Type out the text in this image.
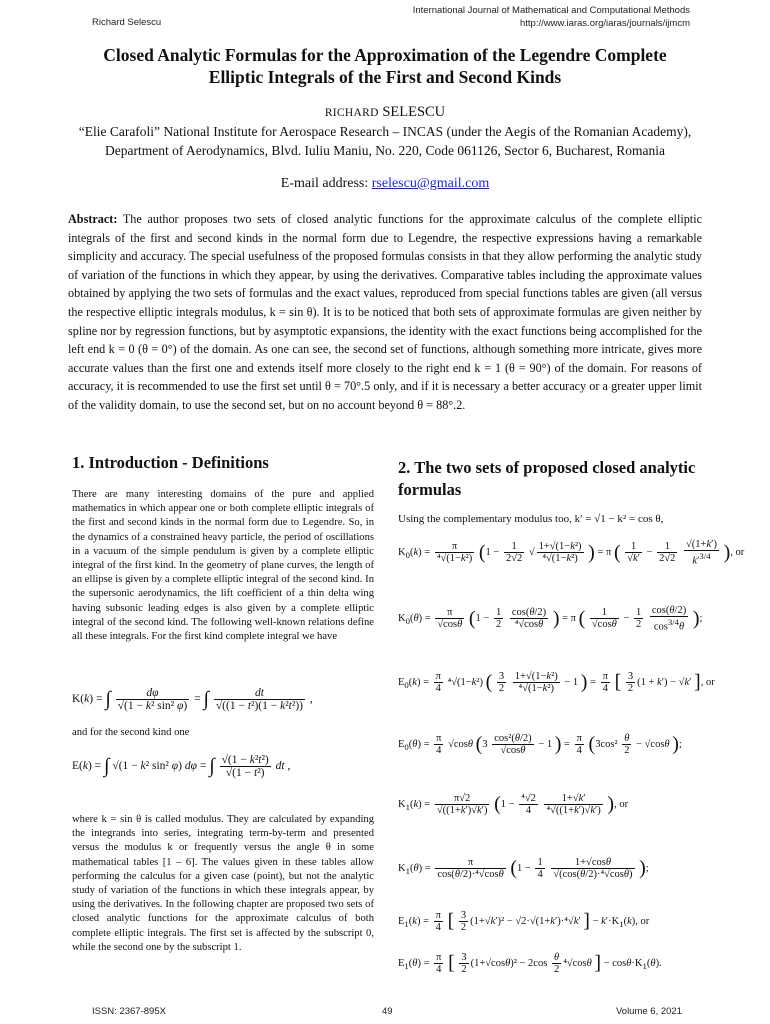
Richard Selescu
International Journal of Mathematical and Computational Methods
http://www.iaras.org/iaras/journals/ijmcm
Closed Analytic Formulas for the Approximation of the Legendre Complete
Elliptic Integrals of the First and Second Kinds
RICHARD SELESCU
“Elie Carafoli” National Institute for Aerospace Research – INCAS (under the Aegis of the Romanian Academy),
Department of Aerodynamics, Blvd. Iuliu Maniu, No. 220, Code 061126, Sector 6, Bucharest, Romania
E-mail address: rselescu@gmail.com
Abstract: The author proposes two sets of closed analytic functions for the approximate calculus of the complete elliptic integrals of the first and second kinds in the normal form due to Legendre, the respective expressions having a remarkable simplicity and accuracy. The special usefulness of the proposed formulas consists in that they allow performing the analytic study of variation of the functions in which they appear, by using the derivatives. Comparative tables including the approximate values obtained by applying the two sets of formulas and the exact values, reproduced from special functions tables are given (all versus the respective elliptic integrals modulus, k = sin θ). It is to be noticed that both sets of approximate formulas are given neither by spline nor by regression functions, but by asymptotic expansions, the identity with the exact functions being accomplished for the left end k = 0 (θ = 0°) of the domain. As one can see, the second set of functions, although something more intricate, gives more accurate values than the first one and extends itself more closely to the right end k = 1 (θ = 90°) of the domain. For reasons of accuracy, it is recommended to use the first set until θ = 70°.5 only, and if it is necessary a better accuracy or a greater upper limit of the validity domain, to use the second set, but on no account beyond θ = 88°.2.
1. Introduction - Definitions	2. The two sets of proposed closed analytic formulas
There are many interesting domains of the pure and applied mathematics in which appear one or both complete elliptic integrals of the first and second kinds in the normal form due to Legendre. So, in the dynamics of a constrained heavy particle, the period of oscillations in a vacuum of the simple pendulum is given by a complete elliptic integral of the first kind. In the geometry of plane curves, the length of an ellipse is given by a complete elliptic integral of the second kind. In the supersonic aerodynamics, the lift coefficient of a thin delta wing having subsonic leading edges is also given by a complete elliptic integral of the second kind. The following well-known relations define all these integrals. For the first kind complete integral we have
K(k) = ∫ $\frac{d\varphi}{\text{√(1 − k² sin² φ)}}$ = ∫ $\frac{dt}{\text{√((1 − t²)(1 − k²t²))}}$ ,
and for the second kind one
E(k) = ∫ √(1 − k² sin² φ) dφ = ∫ $\frac{\text{√(1 − k²t²)}}{\text{√(1 − t²)}}$ dt ,
where k = sin θ is called modulus. They are calculated by expanding the integrands into series, integrating term-by-term and presented versus the modulus k or frequently versus the angle θ in some mathematical tables [1 – 6]. The values given in these tables allow performing the calculus for a given case (point), but not the analytic study of variation of the functions in which these integrals appear, by using the derivatives. In the following chapter are proposed two sets of closed analytic functions for the approximate calculus of both complete elliptic integrals. The first set is affected by the subscript 0, while the second one by the subscript 1.
Using the complementary modulus too, k′ = √1 − k² = cos θ,
$K_0(k) = \frac{\pi}{\text{⁴√(1−k²)}} (1 - \frac{1}{2√2}$ √ $\frac{\text{1+√(1−k²)}}{\text{⁴√(1−k²)}}$ ) = π ( $\frac{1}{√k'} - \frac{1}{2√2}$
$\frac{√(1+k')}{k'^{3/4}}$ ), or
$K_0(\theta) = \frac{\pi}{√\cos\theta} (1 - \frac{1}{2}$
$\frac{\cos(\theta/2)}{\text{⁴√cosθ}}$ ) = π ( $\frac{1}{√\cos\theta} - \frac{1}{2}$
$\frac{\cos(\theta/2)}{\cos^{3/4}\theta}$ );
$E_0(k) = \frac{\pi}{4} ^4√(1-k^2)$ ( $\frac{3}{2}$
$\frac{\text{1+√(1−k²)}}{\text{⁴√(1−k²)}} - 1$ ) = $\frac{\pi}{4}$ [ $\frac{3}{2} (1 + k') - √k'$ ], or
$E_0(\theta) = \frac{\pi}{4} √\cos\theta$ ($3 \frac{\text{cos²(θ/2)}}{√\cos\theta} - 1$ ) = $\frac{\pi}{4} (3\cos^2 \frac{\theta}{2} - √\cos\theta$ );
$K_1(k) = \frac{\pi√2}{√((1+k')√k')} (1 - \frac{\text{⁴√2}}{4}$
$\frac{1+√k'}{\text{⁴√((1+k′)√k′)}}$ ), or
$K_1(\theta) = \frac{\pi}{\text{cos(θ/2)·⁴√cosθ}} (1 - \frac{1}{4}$
$\frac{1+√\cos\theta}{\text{√(cos(θ/2)·⁴√cosθ)}}$ );
$E_1(k) = \frac{\pi}{4}$ [ $\frac{3}{2} (1+√k')^2 - √2\cdot√(1+k')\cdot^4√k'$ ] − $k'\cdot K_1(k)$, or
$E_1(\theta) = \frac{\pi}{4}$ [ $\frac{3}{2} (1+√\cos\theta)^2 - 2\cos \frac{\theta}{2} ^4√\cos\theta$ ] − $\cos\theta\cdot K_1(\theta)$.
ISSN: 2367-895X	49	Volume 6, 2021
